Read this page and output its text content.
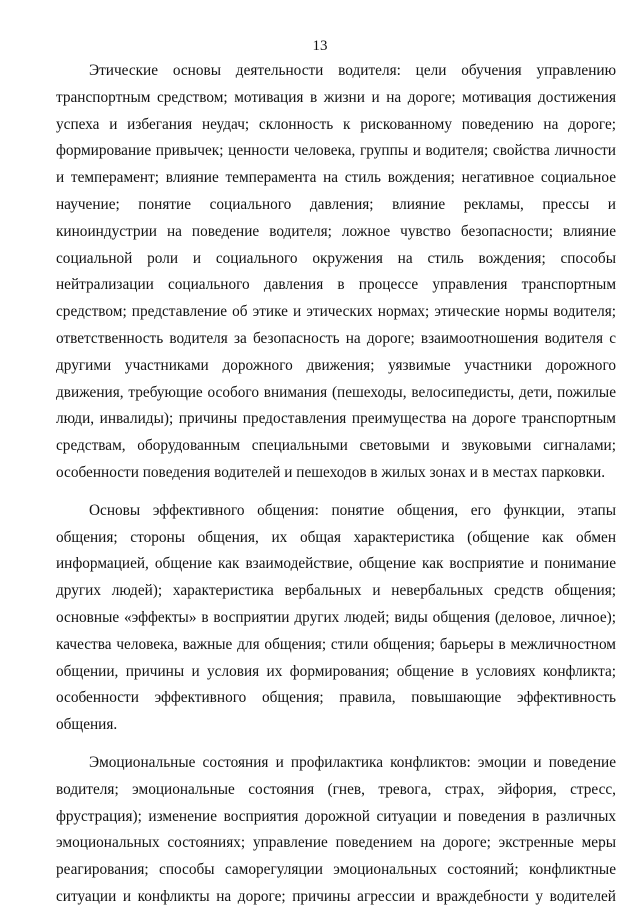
13

Этические основы деятельности водителя: цели обучения управлению транспортным средством; мотивация в жизни и на дороге; мотивация достижения успеха и избегания неудач; склонность к рискованному поведению на дороге; формирование привычек; ценности человека, группы и водителя; свойства личности и темперамент; влияние темперамента на стиль вождения; негативное социальное научение; понятие социального давления; влияние рекламы, прессы и киноиндустрии на поведение водителя; ложное чувство безопасности; влияние социальной роли и социального окружения на стиль вождения; способы нейтрализации социального давления в процессе управления транспортным средством; представление об этике и этических нормах; этические нормы водителя; ответственность водителя за безопасность на дороге; взаимоотношения водителя с другими участниками дорожного движения; уязвимые участники дорожного движения, требующие особого внимания (пешеходы, велосипедисты, дети, пожилые люди, инвалиды); причины предоставления преимущества на дороге транспортным средствам, оборудованным специальными световыми и звуковыми сигналами; особенности поведения водителей и пешеходов в жилых зонах и в местах парковки.

Основы эффективного общения: понятие общения, его функции, этапы общения; стороны общения, их общая характеристика (общение как обмен информацией, общение как взаимодействие, общение как восприятие и понимание других людей); характеристика вербальных и невербальных средств общения; основные «эффекты» в восприятии других людей; виды общения (деловое, личное); качества человека, важные для общения; стили общения; барьеры в межличностном общении, причины и условия их формирования; общение в условиях конфликта; особенности эффективного общения; правила, повышающие эффективность общения.

Эмоциональные состояния и профилактика конфликтов: эмоции и поведение водителя; эмоциональные состояния (гнев, тревога, страх, эйфория, стресс, фрустрация); изменение восприятия дорожной ситуации и поведения в различных эмоциональных состояниях; управление поведением на дороге; экстренные меры реагирования; способы саморегуляции эмоциональных состояний; конфликтные ситуации и конфликты на дороге; причины агрессии и враждебности у водителей
